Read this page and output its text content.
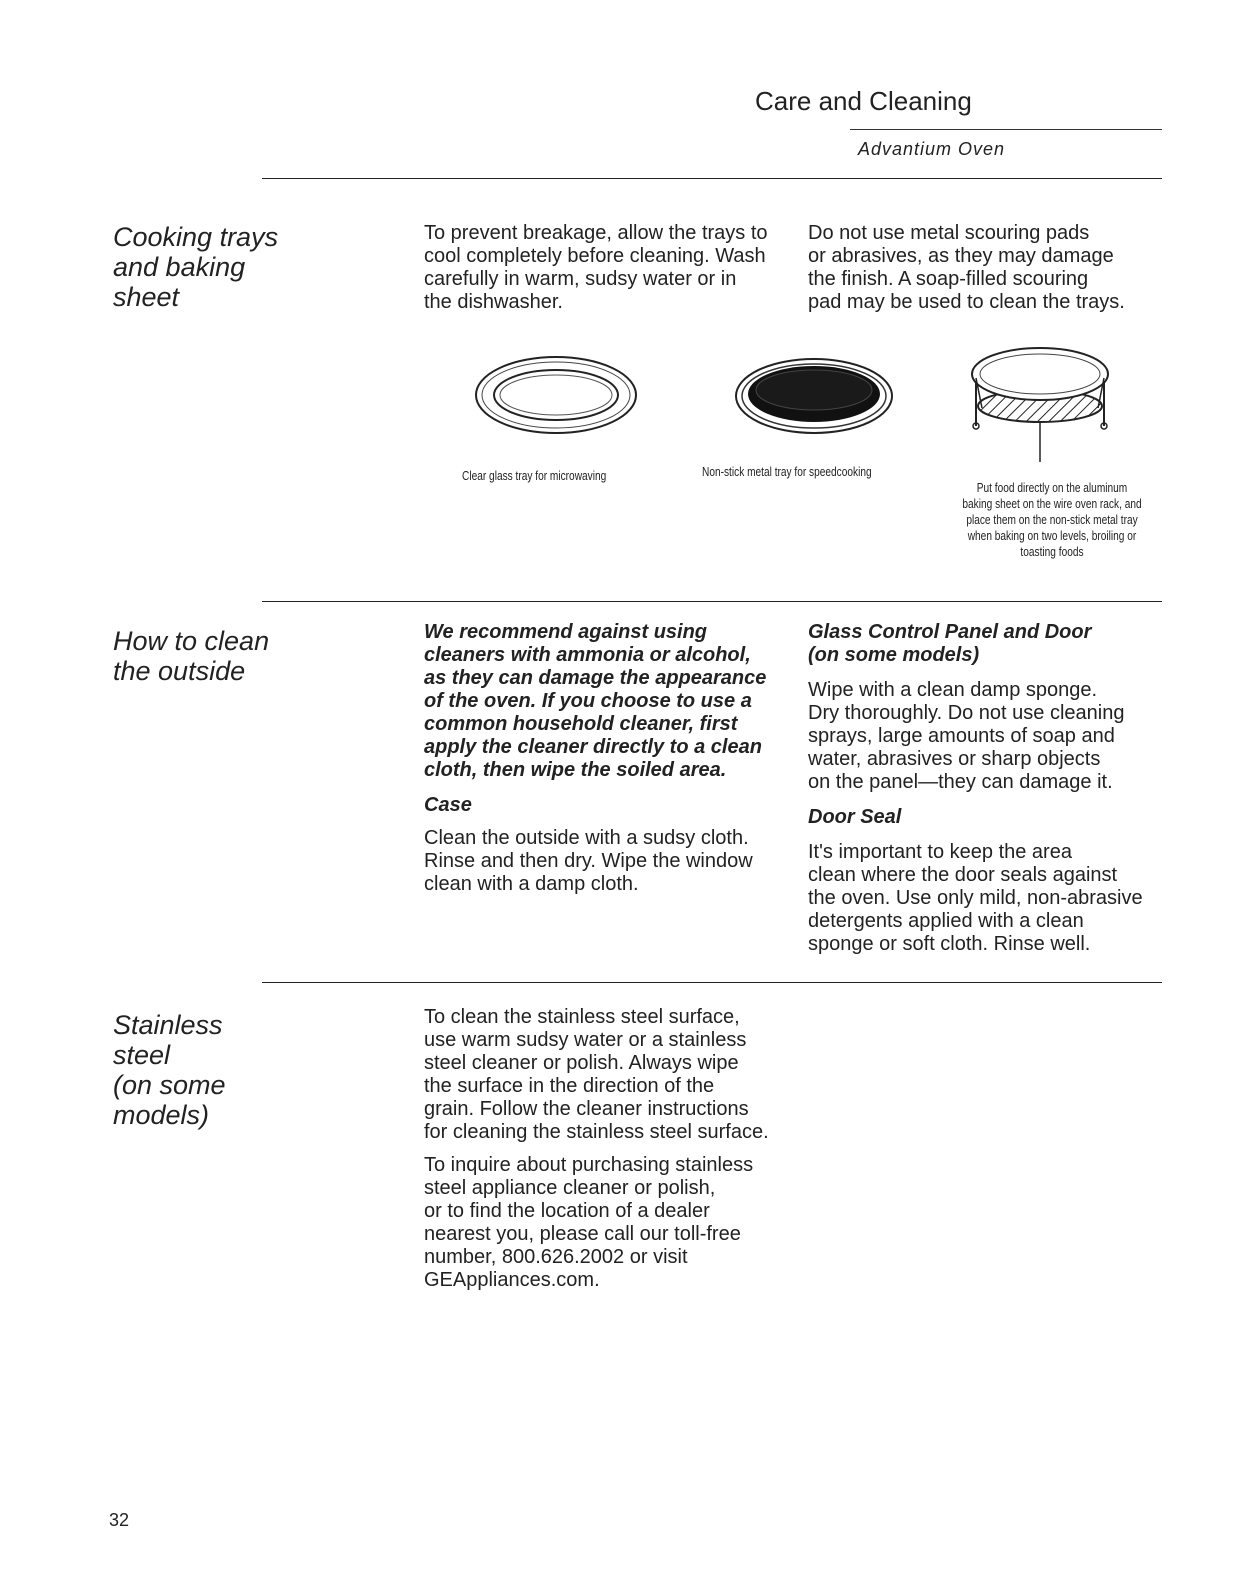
Care and Cleaning
Advantium Oven
Cooking trays
and baking
sheet

To prevent breakage, allow the trays to
cool completely before cleaning. Wash
carefully in warm, sudsy water or in
the dishwasher.

Do not use metal scouring pads
or abrasives, as they may damage
the finish. A soap-filled scouring
pad may be used to clean the trays.

Clear glass tray for microwaving	Non-stick metal tray for speedcooking
Put food directly on the aluminum
baking sheet on the wire oven rack, and
place them on the non-stick metal tray
when baking on two levels, broiling or
toasting foods
How to clean
the outside

We recommend against using
cleaners with ammonia or alcohol,
as they can damage the appearance
of the oven. If you choose to use a
common household cleaner, first
apply the cleaner directly to a clean
cloth, then wipe the soiled area.

Case

Clean the outside with a sudsy cloth.
Rinse and then dry. Wipe the window
clean with a damp cloth.

Glass Control Panel and Door
(on some models)

Wipe with a clean damp sponge.
Dry thoroughly. Do not use cleaning
sprays, large amounts of soap and
water, abrasives or sharp objects
on the panel—they can damage it.

Door Seal

It's important to keep the area
clean where the door seals against
the oven. Use only mild, non-abrasive
detergents applied with a clean
sponge or soft cloth. Rinse well.

Stainless
steel
(on some
models)

To clean the stainless steel surface,
use warm sudsy water or a stainless
steel cleaner or polish. Always wipe
the surface in the direction of the
grain. Follow the cleaner instructions
for cleaning the stainless steel surface.

To inquire about purchasing stainless
steel appliance cleaner or polish,
or to find the location of a dealer
nearest you, please call our toll-free
number, 800.626.2002 or visit
GEAppliances.com.

32
